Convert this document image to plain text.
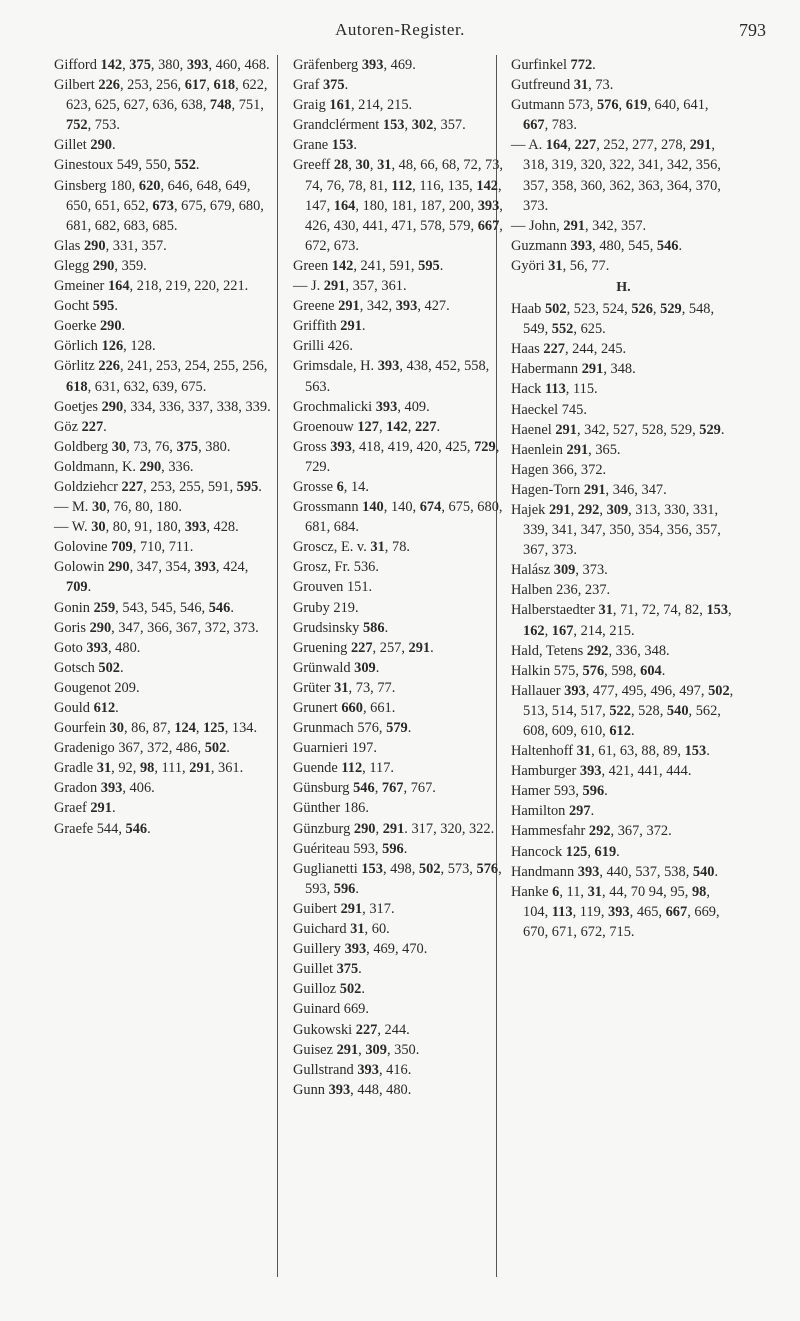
Autoren-Register.	793

Gifford 142, 375, 380, 393, 460, 468.

Gilbert 226, 253, 256, 617, 618, 622, 623, 625, 627, 636, 638, 748, 751, 752, 753.

Gillet 290.

Ginestoux 549, 550, 552.

Ginsberg 180, 620, 646, 648, 649, 650, 651, 652, 673, 675, 679, 680, 681, 682, 683, 685.

Glas 290, 331, 357.

Glegg 290, 359.

Gmeiner 164, 218, 219, 220, 221.

Gocht 595.

Goerke 290.

Görlich 126, 128.

Görlitz 226, 241, 253, 254, 255, 256, 618, 631, 632, 639, 675.

Goetjes 290, 334, 336, 337, 338, 339.

Göz 227.

Goldberg 30, 73, 76, 375, 380.

Goldmann, K. 290, 336.

Goldziehcr 227, 253, 255, 591, 595.

— M. 30, 76, 80, 180.

— W. 30, 80, 91, 180, 393, 428.

Golovine 709, 710, 711.

Golowin 290, 347, 354, 393, 424, 709.

Gonin 259, 543, 545, 546, 546.

Goris 290, 347, 366, 367, 372, 373.

Goto 393, 480.

Gotsch 502.

Gougenot 209.

Gould 612.

Gourfein 30, 86, 87, 124, 125, 134.

Gradenigo 367, 372, 486, 502.

Gradle 31, 92, 98, 111, 291, 361.

Gradon 393, 406.

Graef 291.

Graefe 544, 546.

Gräfenberg 393, 469.

Graf 375.

Graig 161, 214, 215.

Grandclérment 153, 302, 357.

Grane 153.

Greeff 28, 30, 31, 48, 66, 68, 72, 73, 74, 76, 78, 81, 112, 116, 135, 142, 147, 164, 180, 181, 187, 200, 393, 426, 430, 441, 471, 578, 579, 667, 672, 673.

Green 142, 241, 591, 595.

— J. 291, 357, 361.

Greene 291, 342, 393, 427.

Griffith 291.

Grilli 426.

Grimsdale, H. 393, 438, 452, 558, 563.

Grochmalicki 393, 409.

Groenouw 127, 142, 227.

Gross 393, 418, 419, 420, 425, 729, 729.

Grosse 6, 14.

Grossmann 140, 140, 674, 675, 680, 681, 684.

Groscz, E. v. 31, 78.

Grosz, Fr. 536.

Grouven 151.

Gruby 219.

Grudsinsky 586.

Gruening 227, 257, 291.

Grünwald 309.

Grüter 31, 73, 77.

Grunert 660, 661.

Grunmach 576, 579.

Guarnieri 197.

Guende 112, 117.

Günsburg 546, 767, 767.

Günther 186.

Günzburg 290, 291. 317, 320, 322.

Guériteau 593, 596.

Guglianetti 153, 498, 502, 573, 576, 593, 596.

Guibert 291, 317.

Guichard 31, 60.

Guillery 393, 469, 470.

Guillet 375.

Guilloz 502.

Guinard 669.

Gukowski 227, 244.

Guisez 291, 309, 350.

Gullstrand 393, 416.

Gunn 393, 448, 480.

Gurfinkel 772.

Gutfreund 31, 73.

Gutmann 573, 576, 619, 640, 641, 667, 783.

— A. 164, 227, 252, 277, 278, 291, 318, 319, 320, 322, 341, 342, 356, 357, 358, 360, 362, 363, 364, 370, 373.

— John, 291, 342, 357.

Guzmann 393, 480, 545, 546.

Györi 31, 56, 77.

H.

Haab 502, 523, 524, 526, 529, 548, 549, 552, 625.

Haas 227, 244, 245.

Habermann 291, 348.

Hack 113, 115.

Haeckel 745.

Haenel 291, 342, 527, 528, 529, 529.

Haenlein 291, 365.

Hagen 366, 372.

Hagen-Torn 291, 346, 347.

Hajek 291, 292, 309, 313, 330, 331, 339, 341, 347, 350, 354, 356, 357, 367, 373.

Halász 309, 373.

Halben 236, 237.

Halberstaedter 31, 71, 72, 74, 82, 153, 162, 167, 214, 215.

Hald, Tetens 292, 336, 348.

Halkin 575, 576, 598, 604.

Hallauer 393, 477, 495, 496, 497, 502, 513, 514, 517, 522, 528, 540, 562, 608, 609, 610, 612.

Haltenhoff 31, 61, 63, 88, 89, 153.

Hamburger 393, 421, 441, 444.

Hamer 593, 596.

Hamilton 297.

Hammesfahr 292, 367, 372.

Hancock 125, 619.

Handmann 393, 440, 537, 538, 540.

Hanke 6, 11, 31, 44, 70 94, 95, 98, 104, 113, 119, 393, 465, 667, 669, 670, 671, 672, 715.
